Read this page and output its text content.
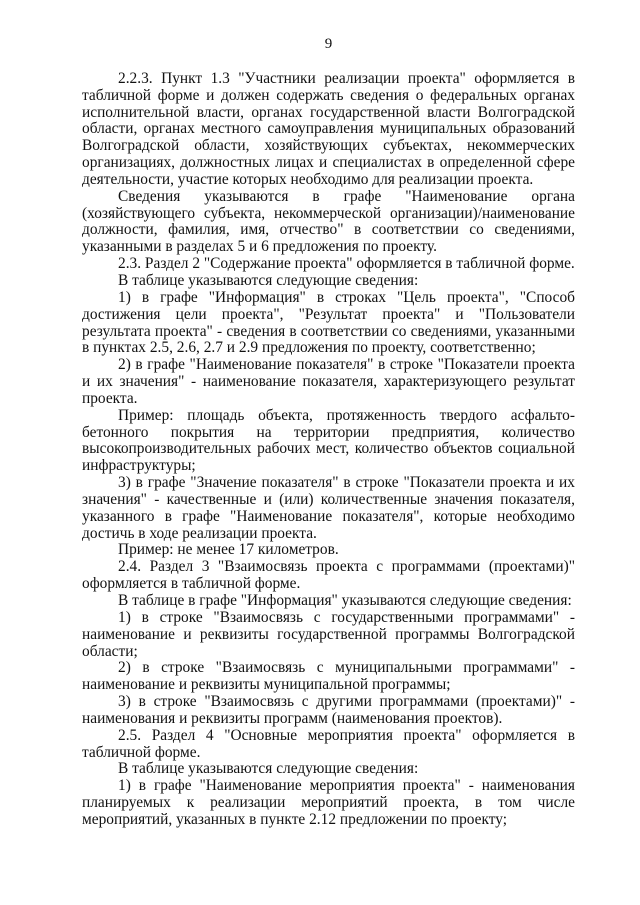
9

2.2.3. Пункт 1.3 "Участники реализации проекта" оформляется в табличной форме и должен содержать сведения о федеральных органах исполнительной власти, органах государственной власти Волгоградской области, органах местного самоуправления муниципальных образований Волгоградской области, хозяйствующих субъектах, некоммерческих организациях, должностных лицах и специалистах в определенной сфере деятельности, участие которых необходимо для реализации проекта.

Сведения указываются в графе "Наименование органа (хозяйствующего субъекта, некоммерческой организации)/наименование должности, фамилия, имя, отчество" в соответствии со сведениями, указанными в разделах 5 и 6 предложения по проекту.

2.3. Раздел 2 "Содержание проекта" оформляется в табличной форме.

В таблице указываются следующие сведения:

1) в графе "Информация" в строках "Цель проекта", "Способ достижения цели проекта", "Результат проекта" и "Пользователи результата проекта" - сведения в соответствии со сведениями, указанными в пунктах 2.5, 2.6, 2.7 и 2.9 предложения по проекту, соответственно;

2) в графе "Наименование показателя" в строке "Показатели проекта и их значения" - наименование показателя, характеризующего результат проекта.

Пример: площадь объекта, протяженность твердого асфальто-бетонного покрытия на территории предприятия, количество высокопроизводительных рабочих мест, количество объектов социальной инфраструктуры;

3) в графе "Значение показателя" в строке "Показатели проекта и их значения" - качественные и (или) количественные значения показателя, указанного в графе "Наименование показателя", которые необходимо достичь в ходе реализации проекта.

Пример: не менее 17 километров.

2.4. Раздел 3 "Взаимосвязь проекта с программами (проектами)" оформляется в табличной форме.

В таблице в графе "Информация" указываются следующие сведения:

1) в строке "Взаимосвязь с государственными программами" - наименование и реквизиты государственной программы Волгоградской области;

2) в строке "Взаимосвязь с муниципальными программами" - наименование и реквизиты муниципальной программы;

3) в строке "Взаимосвязь с другими программами (проектами)" - наименования и реквизиты программ (наименования проектов).

2.5. Раздел 4 "Основные мероприятия проекта" оформляется в табличной форме.

В таблице указываются следующие сведения:

1) в графе "Наименование мероприятия проекта" - наименования планируемых к реализации мероприятий проекта, в том числе мероприятий, указанных в пункте 2.12 предложении по проекту;
